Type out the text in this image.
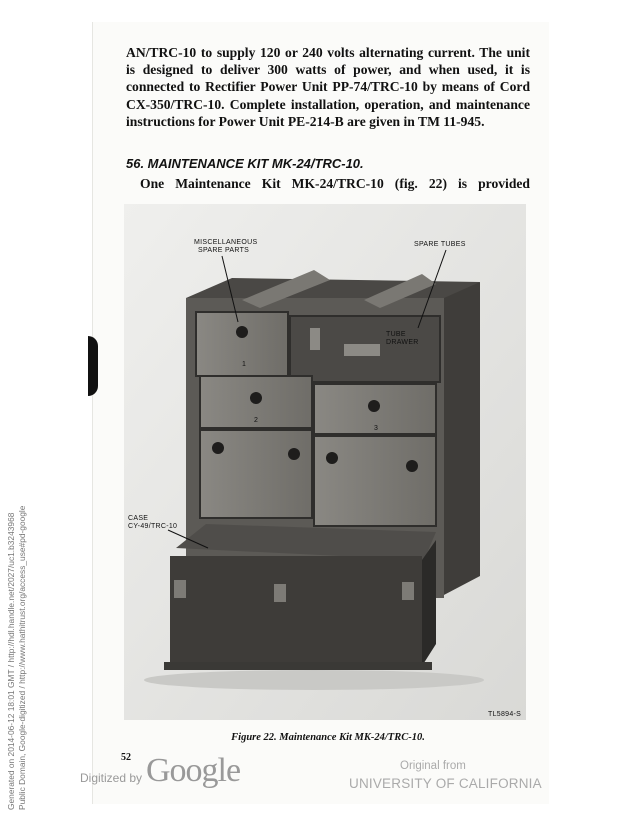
Generated on 2014-06-12 18:01 GMT / http://hdl.handle.net/2027/uc1.b3243968 Public Domain, Google-digitized / http://www.hathitrust.org/access_use#pd-google

AN/TRC-10 to supply 120 or 240 volts alternating current. The unit is designed to deliver 300 watts of power, and when used, it is connected to Rectifier Power Unit PP-74/TRC-10 by means of Cord CX-350/TRC-10. Complete installation, operation, and maintenance instructions for Power Unit PE-214-B are given in TM 11-945.

56. MAINTENANCE KIT MK-24/TRC-10.

One Maintenance Kit MK-24/TRC-10 (fig. 22) is provided

1
2
3
TUBE
DRAWER
MISCELLANEOUS
SPARE PARTS
SPARE TUBES
CASE
CY-49/TRC-10
TL5894-S

Figure 22. Maintenance Kit MK-24/TRC-10.

52
Digitized by Google	Original from
UNIVERSITY OF CALIFORNIA
